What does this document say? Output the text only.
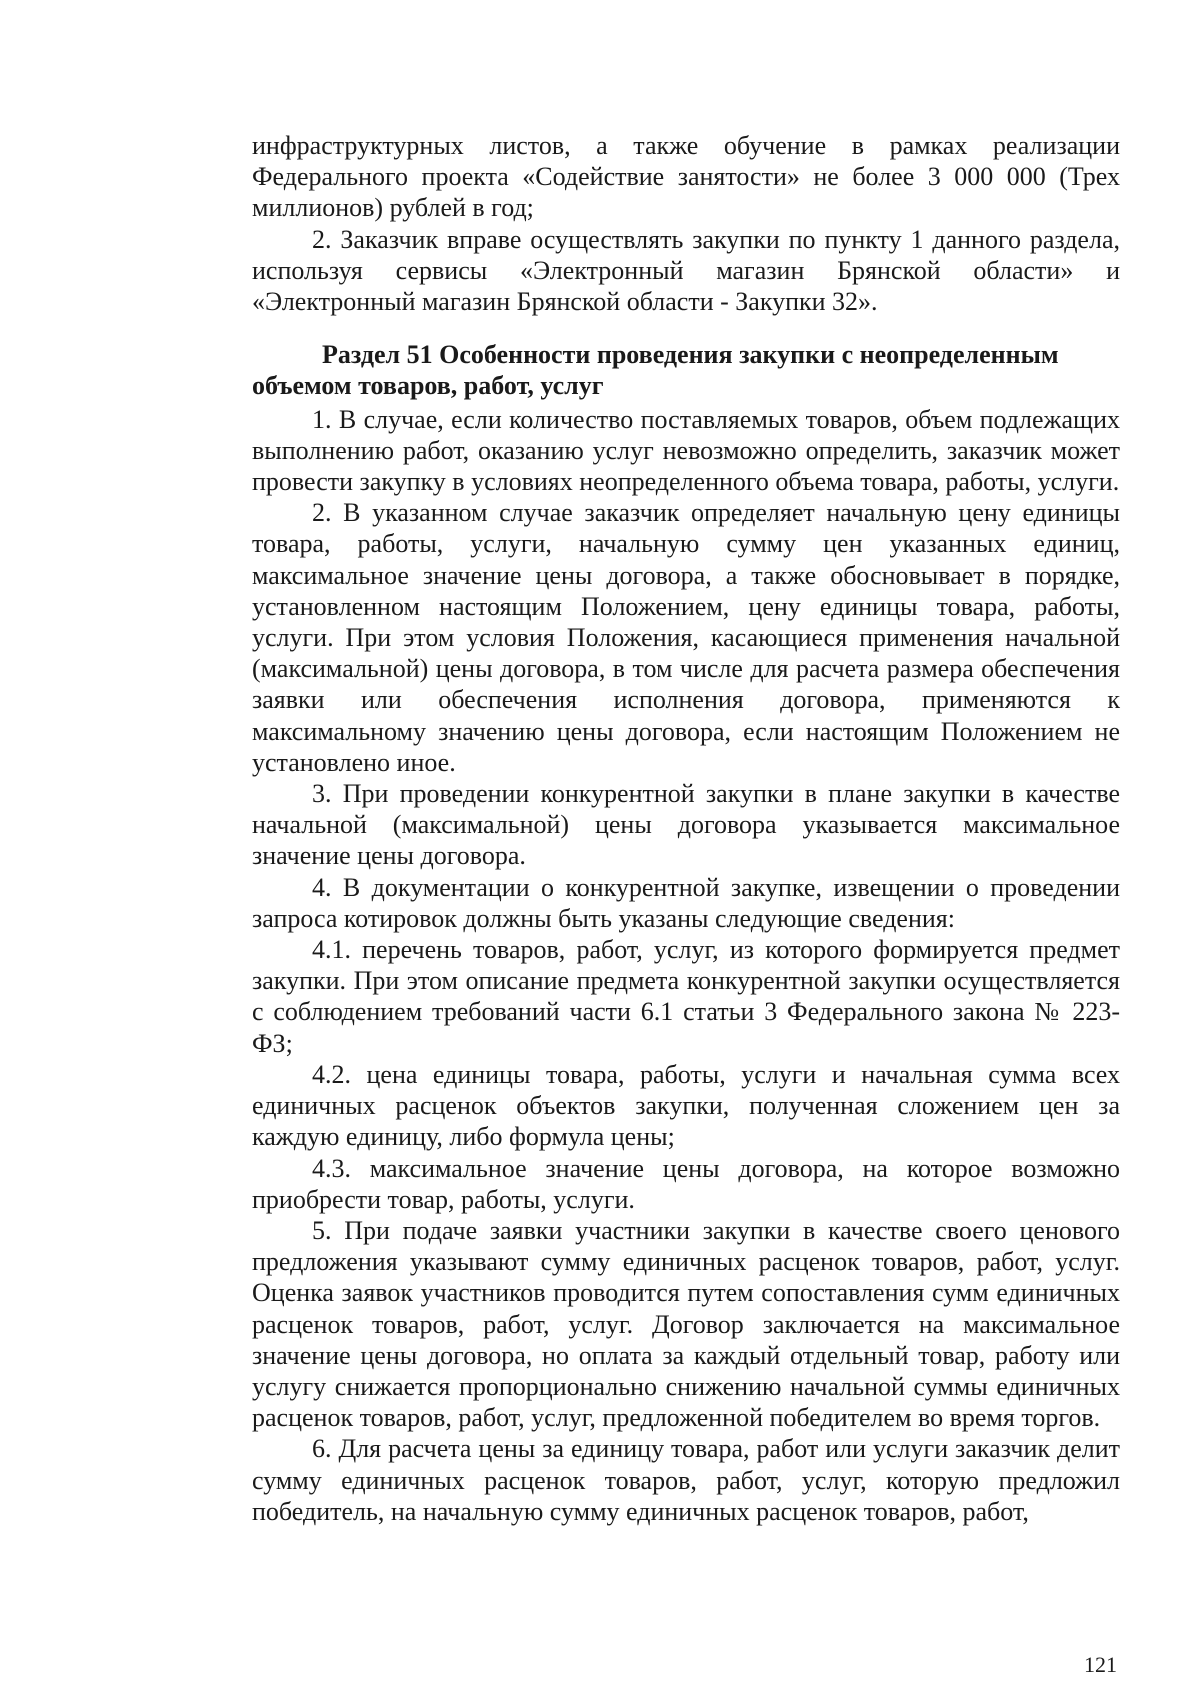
инфраструктурных листов, а также обучение в рамках реализации Федерального проекта «Содействие занятости» не более 3 000 000 (Трех миллионов) рублей в год;

2. Заказчик вправе осуществлять закупки по пункту 1 данного раздела, используя сервисы «Электронный магазин Брянской области» и «Электронный магазин Брянской области - Закупки 32».

Раздел 51 Особенности проведения закупки с неопределенным объемом товаров, работ, услуг

1. В случае, если количество поставляемых товаров, объем подлежащих выполнению работ, оказанию услуг невозможно определить, заказчик может провести закупку в условиях неопределенного объема товара, работы, услуги.

2. В указанном случае заказчик определяет начальную цену единицы товара, работы, услуги, начальную сумму цен указанных единиц, максимальное значение цены договора, а также обосновывает в порядке, установленном настоящим Положением, цену единицы товара, работы, услуги. При этом условия Положения, касающиеся применения начальной (максимальной) цены договора, в том числе для расчета размера обеспечения заявки или обеспечения исполнения договора, применяются к максимальному значению цены договора, если настоящим Положением не установлено иное.

3. При проведении конкурентной закупки в плане закупки в качестве начальной (максимальной) цены договора указывается максимальное значение цены договора.

4. В документации о конкурентной закупке, извещении о проведении запроса котировок должны быть указаны следующие сведения:

4.1. перечень товаров, работ, услуг, из которого формируется предмет закупки. При этом описание предмета конкурентной закупки осуществляется с соблюдением требований части 6.1 статьи 3 Федерального закона № 223-ФЗ;

4.2. цена единицы товара, работы, услуги и начальная сумма всех единичных расценок объектов закупки, полученная сложением цен за каждую единицу, либо формула цены;

4.3. максимальное значение цены договора, на которое возможно приобрести товар, работы, услуги.

5. При подаче заявки участники закупки в качестве своего ценового предложения указывают сумму единичных расценок товаров, работ, услуг. Оценка заявок участников проводится путем сопоставления сумм единичных расценок товаров, работ, услуг. Договор заключается на максимальное значение цены договора, но оплата за каждый отдельный товар, работу или услугу снижается пропорционально снижению начальной суммы единичных расценок товаров, работ, услуг, предложенной победителем во время торгов.

6. Для расчета цены за единицу товара, работ или услуги заказчик делит сумму единичных расценок товаров, работ, услуг, которую предложил победитель, на начальную сумму единичных расценок товаров, работ,

121
